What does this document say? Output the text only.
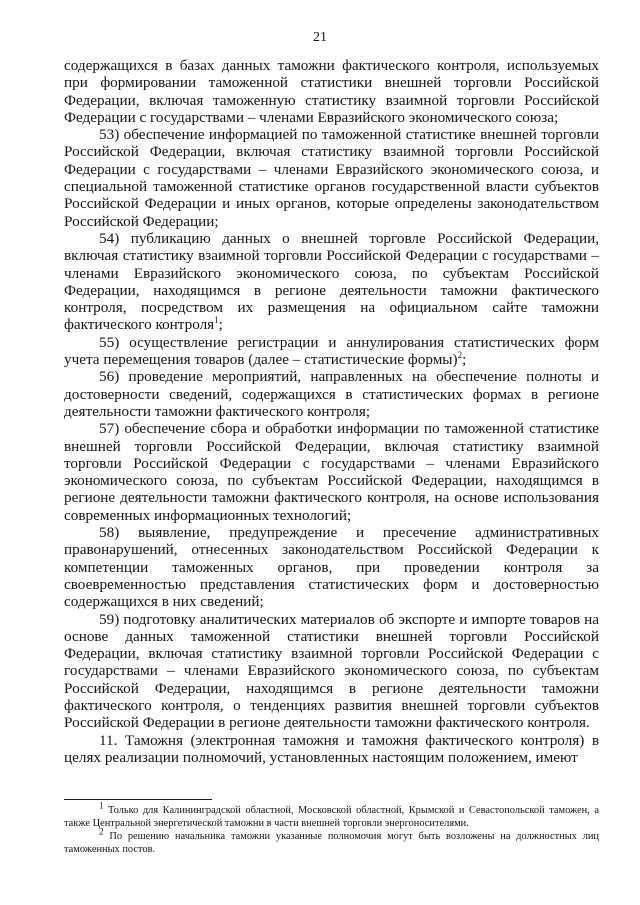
21

содержащихся в базах данных таможни фактического контроля, используемых при формировании таможенной статистики внешней торговли Российской Федерации, включая таможенную статистику взаимной торговли Российской Федерации с государствами – членами Евразийского экономического союза;

53) обеспечение информацией по таможенной статистике внешней торговли Российской Федерации, включая статистику взаимной торговли Российской Федерации с государствами – членами Евразийского экономического союза, и специальной таможенной статистике органов государственной власти субъектов Российской Федерации и иных органов, которые определены законодательством Российской Федерации;

54) публикацию данных о внешней торговле Российской Федерации, включая статистику взаимной торговли Российской Федерации с государствами – членами Евразийского экономического союза, по субъектам Российской Федерации, находящимся в регионе деятельности таможни фактического контроля, посредством их размещения на официальном сайте таможни фактического контроля$^1$;

55) осуществление регистрации и аннулирования статистических форм учета перемещения товаров (далее – статистические формы)$^2$;

56) проведение мероприятий, направленных на обеспечение полноты и достоверности сведений, содержащихся в статистических формах в регионе деятельности таможни фактического контроля;

57) обеспечение сбора и обработки информации по таможенной статистике внешней торговли Российской Федерации, включая статистику взаимной торговли Российской Федерации с государствами – членами Евразийского экономического союза, по субъектам Российской Федерации, находящимся в регионе деятельности таможни фактического контроля, на основе использования современных информационных технологий;

58) выявление, предупреждение и пресечение административных правонарушений, отнесенных законодательством Российской Федерации к компетенции таможенных органов, при проведении контроля за своевременностью представления статистических форм и достоверностью содержащихся в них сведений;

59) подготовку аналитических материалов об экспорте и импорте товаров на основе данных таможенной статистики внешней торговли Российской Федерации, включая статистику взаимной торговли Российской Федерации с государствами – членами Евразийского экономического союза, по субъектам Российской Федерации, находящимся в регионе деятельности таможни фактического контроля, о тенденциях развития внешней торговли субъектов Российской Федерации в регионе деятельности таможни фактического контроля.

11. Таможня (электронная таможня и таможня фактического контроля) в целях реализации полномочий, установленных настоящим положением, имеют

$^1$ Только для Калининградской областной, Московской областной, Крымской и Севастопольской таможен, а также Центральной энергетической таможни в части внешней торговли энергоносителями.

$^2$ По решению начальника таможни указанные полномочия могут быть возложены на должностных лиц таможенных постов.
